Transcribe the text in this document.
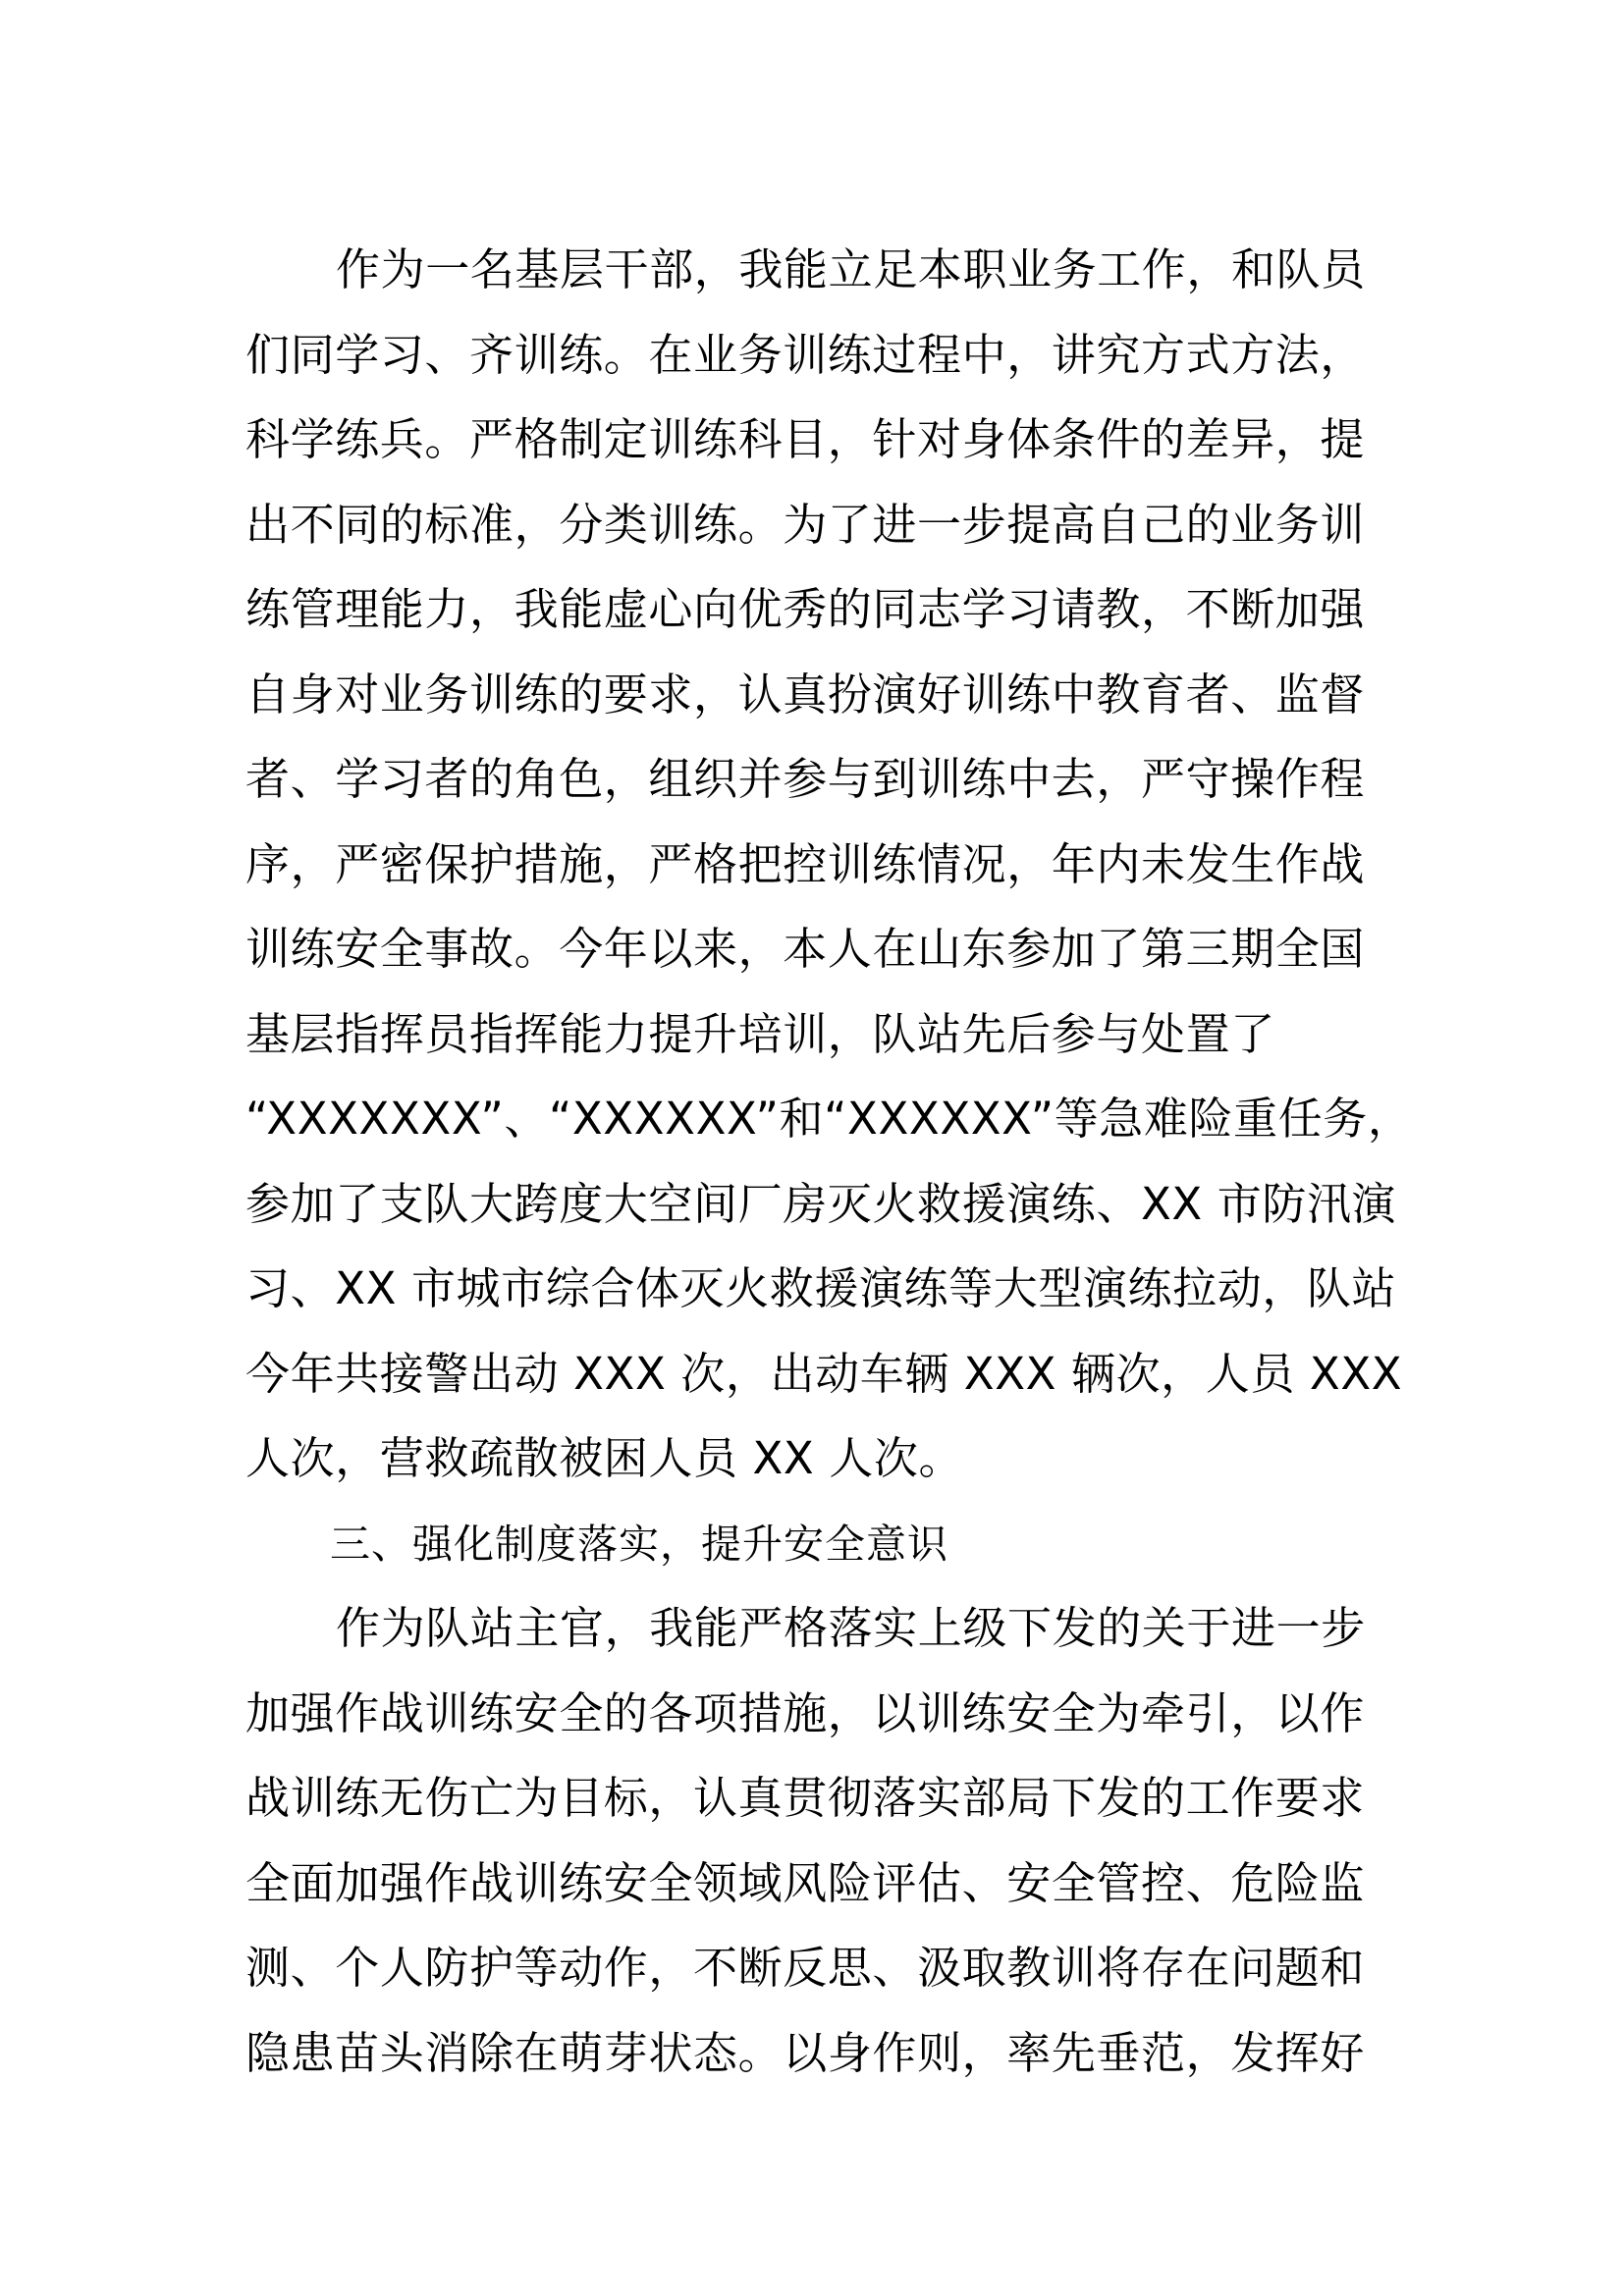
作为一名基层干部，我能立足本职业务工作，和队员
们同学习、齐训练。在业务训练过程中，讲究方式方法，
科学练兵。严格制定训练科目，针对身体条件的差异，提
出不同的标准，分类训练。为了进一步提高自己的业务训
练管理能力，我能虚心向优秀的同志学习请教，不断加强
自身对业务训练的要求，认真扮演好训练中教育者、监督
者、学习者的角色，组织并参与到训练中去，严守操作程
序，严密保护措施，严格把控训练情况，年内未发生作战
训练安全事故。今年以来，本人在山东参加了第三期全国
基层指挥员指挥能力提升培训，队站先后参与处置了
“XXXXXXX”、“XXXXXX”和“XXXXXX”等急难险重任务，
参加了支队大跨度大空间厂房灭火救援演练、XX 市防汛演
习、XX 市城市综合体灭火救援演练等大型演练拉动，队站
今年共接警出动 XXX 次，出动车辆 XXX 辆次，人员 XXX
人次，营救疏散被困人员 XX 人次。
三、强化制度落实，提升安全意识
作为队站主官，我能严格落实上级下发的关于进一步
加强作战训练安全的各项措施，以训练安全为牵引，以作
战训练无伤亡为目标，认真贯彻落实部局下发的工作要求
全面加强作战训练安全领域风险评估、安全管控、危险监
测、个人防护等动作，不断反思、汲取教训将存在问题和
隐患苗头消除在萌芽状态。以身作则，率先垂范，发挥好
